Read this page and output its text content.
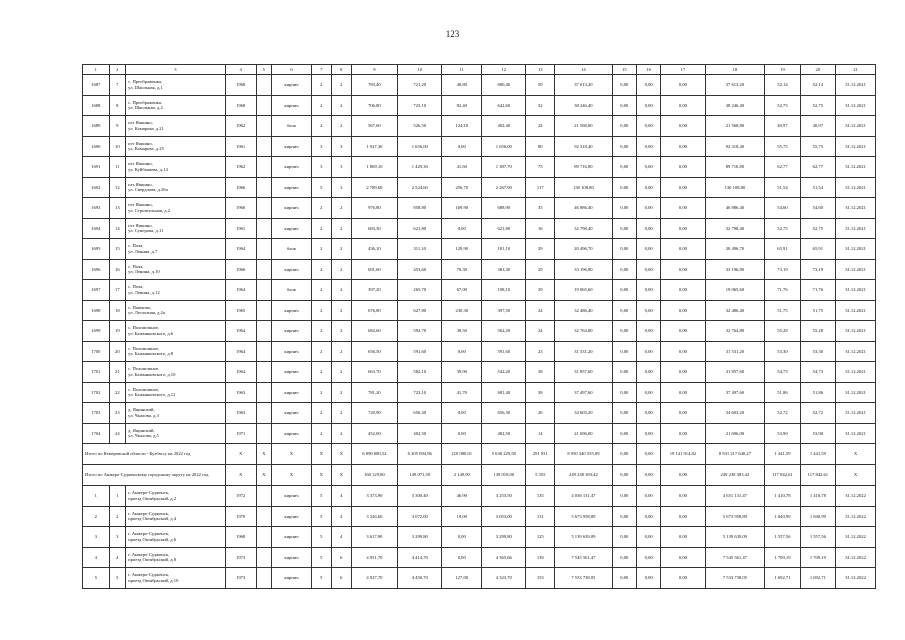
123
1	2	3	4	5	6	7	8	9	10	11	12	13	14	15	16	17	18	19	20	21
1687	7	с. Преображенка,
ул. Школьная, д.1	1968		кирпич	2	2	783,40	721,20	40,80	680,40	50	37 613,20	0,00	0,00	0,00	37 613,20	52,14	52,14	31.12.2021
1688	8	с. Преображенка,
ул. Школьная, д.2	1968		кирпич	2	2	706,80	723,10	82,40	642,60	52	38 246,40	0,00	0,00	0,00	38 246,40	52,75	52,75	31.12.2021
1689	9	пгт Яшкино,
ул. Комарова, д.21	1962		блок	2	2	567,60	526,50	124,10	402,40	24	21 568,80	0,00	0,00	0,00	21 568,80	40,97	40,97	31.12.2021
1690	10	пгт Яшкино,
ул. Комарова, д.25	1961		кирпич	3	3	1 927,30	1 656,00	0,00	1 656,00	80	92 318,40	0,00	0,00	0,00	92 318,40	55,75	55,75	31.12.2021
1691	11	пгт Яшкино,
ул. Куйбышева, д.14	1962		кирпич	3	3	1 869,10	1 429,30	41,60	1 387,70	75	89 716,80	0,00	0,00	0,00	89 716,80	62,77	62,77	31.12.2021
1692	12	пгт Яшкино,
ул. Свердлова, д.26а	1966		кирпич	5	3	2 789,60	2 524,60	256,70	2 267,90	117	130 108,80	0,00	0,00	0,00	130 108,80	51,54	51,54	31.12.2021
1693	13	пгт Яшкино,
ул. Строительная, д.2	1960		кирпич	2	2	976,80	858,80	169,90	688,90	35	46 886,40	0,00	0,00	0,00	46 886,40	54,60	54,60	31.12.2021
1694	14	пгт Яшкино,
ул. Суворова, д.11	1961		кирпич	2	2	683,30	621,80	0,00	621,80	16	32 798,40	0,00	0,00	0,00	32 798,40	52,75	52,75	31.12.2021
1695	15	с. Поча,
ул. Ленина, д.7	1964		блок	2	2	436,10	311,10	129,90	181,10	29	20 496,70	0,00	0,00	0,00	20 496,70	65,91	65,91	31.12.2021
1696	16	с. Поча,
ул. Ленина, д.10	1966		кирпич	2	2	691,60	453,60	70,30	383,30	29	33 196,80	0,00	0,00	0,00	33 196,80	73,19	73,19	31.12.2021
1697	17	с. Поча,
ул. Ленина, д.12	1964		блок	2	2	397,20	265,70	67,00	198,10	29	19 065,60	0,00	0,00	0,00	19 065,60	71,76	71,76	31.12.2021
1698	18	с. Пашково,
ул. Лесхозная, д.2а	1965		кирпич	2	2	676,80	627,80	230,30	397,50	24	32 486,40	0,00	0,00	0,00	32 486,40	51,75	51,75	31.12.2021
1699	19	с. Поломошное,
ул. Бажынковского, д.6	1964		кирпич	2	2	682,60	592,70	30,50	562,20	24	32 764,80	0,00	0,00	0,00	32 764,80	55,28	55,28	31.12.2021
1700	20	с. Поломошное,
ул. Бажынковского, д.8	1964		кирпич	2	2	656,50	591,60	0,00	591,60	23	31 531,20	0,00	0,00	0,00	31 531,20	53,30	53,30	31.12.2021
1701	21	с. Поломошное,
ул. Бажынковского, д.10	1964		кирпич	2	2	663,70	582,10	39,90	542,20	38	31 857,60	0,00	0,00	0,00	31 857,60	54,73	54,73	31.12.2021
1702	22	с. Поломошное,
ул. Бажынковского, д.12	1963		кирпич	2	2	781,20	723,10	41,70	681,40	38	37 497,60	0,00	0,00	0,00	37 497,60	51,86	51,86	31.12.2021
1703	23	д. Ящинский,
ул. Чкалова, д.3	1963		кирпич	2	2	720,90	656,30	0,00	656,30	26	34 603,20	0,00	0,00	0,00	34 603,20	52,72	52,72	31.12.2021
1704	24	д. Ящинский,
ул. Чкалова, д.5	1971		кирпич	2	2	452,00	402,50	0,00	402,50	14	21 696,00	0,00	0,00	0,00	21 696,00	53,90	53,90	31.12.2021
Итого по Кемеровской области - Кузбассу на 2022 год			X	X	X	X	X	6 890 080,52	6 205 094,96	210 080,01	5 638 229,58	291 931	8 950 340 555,09	0,00	0,00	19 141 914,82	8 931 217 640,27	1 441,59	1 441,59	X
Итого по Анжеро-Судженскому городскому округу на 2022 год			X	X	X	X	X	160 129,80	149 071,50	2 149,90	139 018,00	5 355	249 238 383,42	0,00	0,00	0,00	249 238 383,42	117 842,61	117 842,61	X
1	1	г. Анжеро-Судженск,
проезд Октябрьский, д.2	1972		кирпич	5	4	3 373,90	3 300,40	46,90	3 253,50	135	4 036 131,47	0,00	0,00	0,00	4 651 131,47	1 410,78	1 410,78	31.12.2022
2	2	г. Анжеро-Судженск,
проезд Октябрьский, д.4	1970		кирпич	5	4	3 326,60	3 072,00	19,00	3 053,00	131	5 673 958,89	0,00	0,00	0,00	5 673 958,89	1 840,99	1 840,99	31.12.2022
3	3	г. Анжеро-Судженск,
проезд Октябрьский, д.6	1968		кирпич	5	4	3 617,90	3 299,80	0,00	3 299,80	125	5 139 639,09	0,00	0,00	0,00	5 139 639,09	1 557,56	1 557,56	31.12.2022
4	4	г. Анжеро-Судженск,
проезд Октябрьский, д.8	1973		кирпич	5	6	4 951,70	4 414,70	0,00	4 365,66	139	7 545 561,47	0,00	0,00	0,00	7 545 561,47	1 709,19	1 709,19	31.12.2022
5	5	г. Анжеро-Судженск,
проезд Октябрьский, д.10	1973		кирпич	5	6	4 927,70	4 450,70	127,00	4 323,70	153	7 533 738,05	0,00	0,00	0,00	7 533 738,05	1 692,71	1 692,71	31.12.2022
